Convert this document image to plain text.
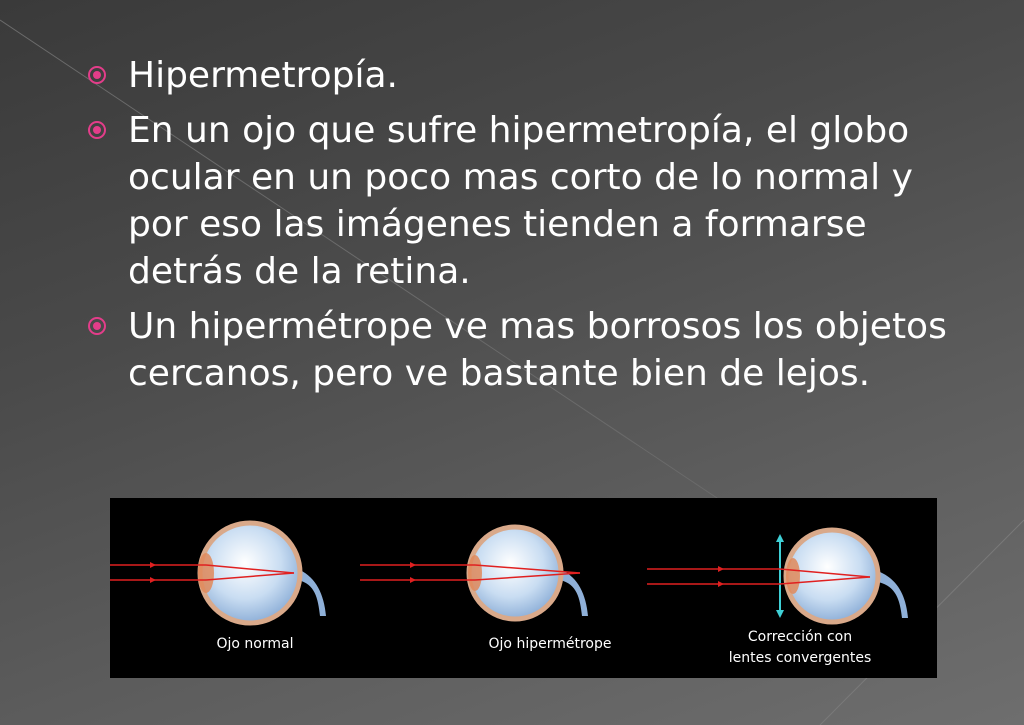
Hipermetropía.
En un ojo que sufre hipermetropía, el globo ocular en un poco mas corto de lo normal y por eso las imágenes tienden a formarse detrás de la retina.
Un hipermétrope ve mas borrosos los objetos cercanos, pero ve bastante bien de lejos.
Ojo normal	Ojo hipermétrope	Corrección con
lentes convergentes
